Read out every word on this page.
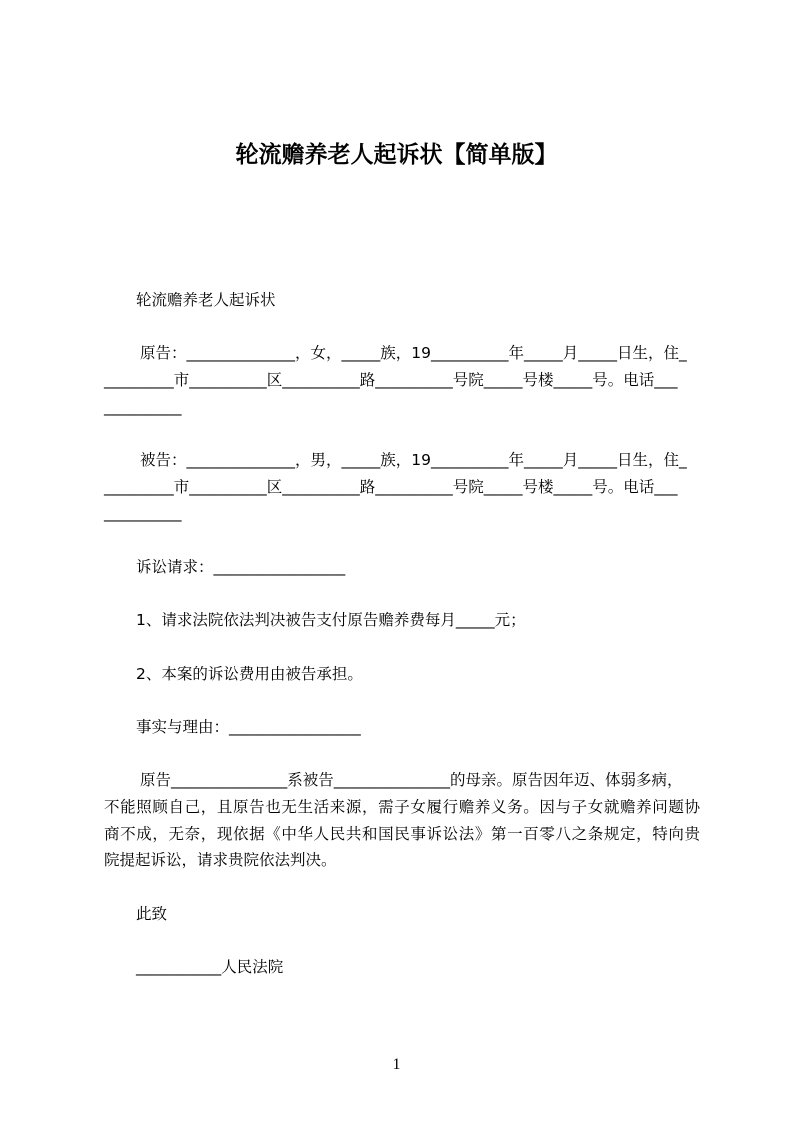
轮流赡养老人起诉状【简单版】
轮流赡养老人起诉状
原告：______________，女，_____族，19__________年_____月_____日生，住_
_________市__________区__________路__________号院_____号楼_____号。电话___
__________
被告：______________，男，_____族，19__________年_____月_____日生，住_
_________市__________区__________路__________号院_____号楼_____号。电话___
__________
诉讼请求：_________________
1、请求法院依法判决被告支付原告赡养费每月_____元；
2、本案的诉讼费用由被告承担。
事实与理由：_________________
原告_______________系被告_______________的母亲。原告因年迈、体弱多病，
不能照顾自己，且原告也无生活来源，需子女履行赡养义务。因与子女就赡养问题协
商不成，无奈，现依据《中华人民共和国民事诉讼法》第一百零八之条规定，特向贵
院提起诉讼，请求贵院依法判决。
此致
___________人民法院
1
